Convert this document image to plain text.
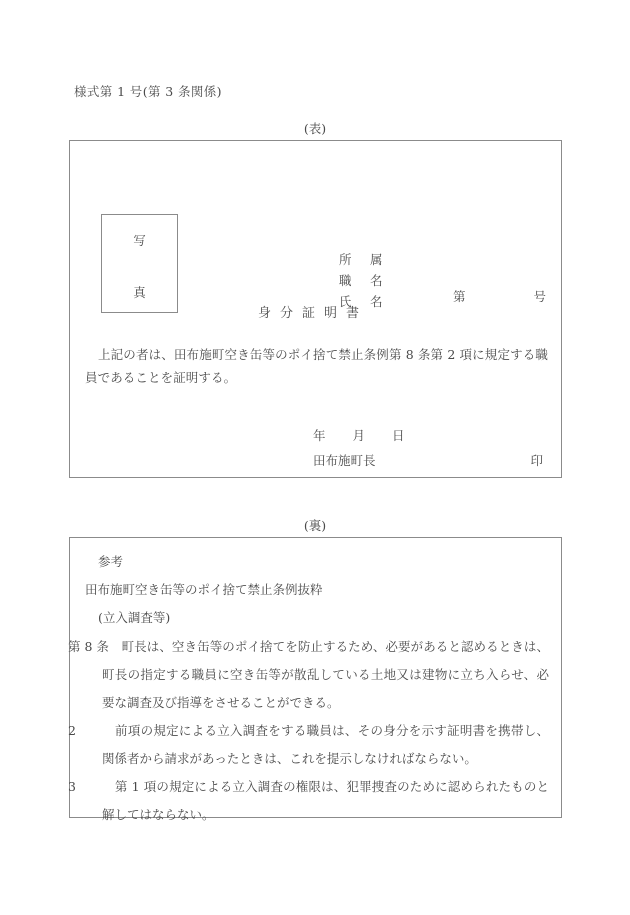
様式第 1 号(第 3 条関係)
(表)
第	号
身分証明書
写
真
所 属
職 名
氏 名
上記の者は、田布施町空き缶等のポイ捨て禁止条例第 8 条第 2 項に規定する職員であることを証明する。
年 月 日
田布施町長	印
(裏)
参考
田布施町空き缶等のポイ捨て禁止条例抜粋
(立入調査等)
第 8 条　町長は、空き缶等のポイ捨てを防止するため、必要があると認めるときは、町長の指定する職員に空き缶等が散乱している土地又は建物に立ち入らせ、必要な調査及び指導をさせることができる。
2　前項の規定による立入調査をする職員は、その身分を示す証明書を携帯し、関係者から請求があったときは、これを提示しなければならない。
3　第 1 項の規定による立入調査の権限は、犯罪捜査のために認められたものと解してはならない。
